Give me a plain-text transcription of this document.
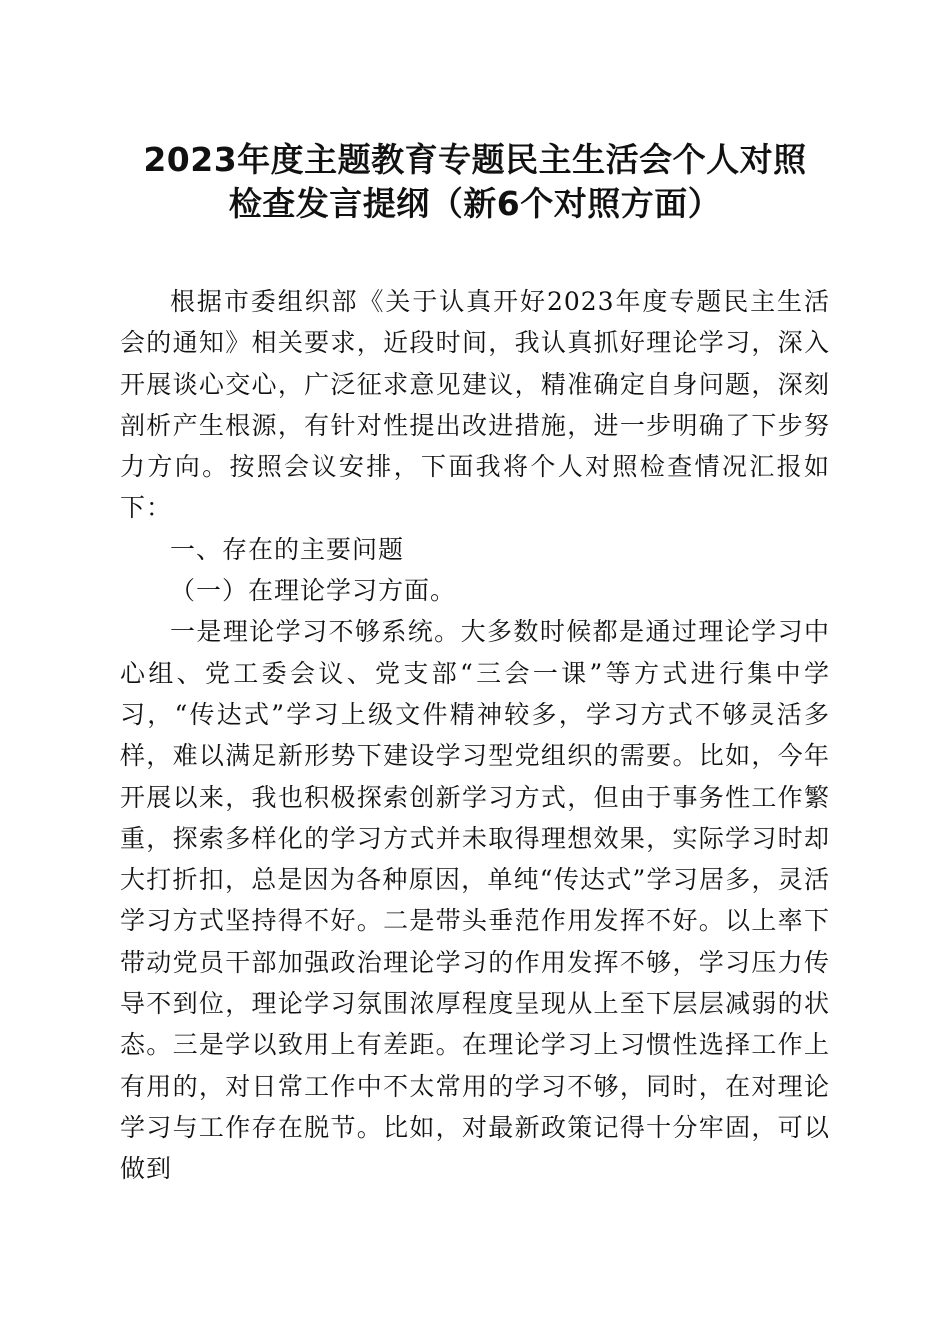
2023年度主题教育专题民主生活会个人对照
检查发言提纲（新6个对照方面）

根据市委组织部《关于认真开好2023年度专题民主生活会的通知》相关要求，近段时间，我认真抓好理论学习，深入开展谈心交心，广泛征求意见建议，精准确定自身问题，深刻剖析产生根源，有针对性提出改进措施，进一步明确了下步努力方向。按照会议安排，下面我将个人对照检查情况汇报如下：

一、存在的主要问题

（一）在理论学习方面。

一是理论学习不够系统。大多数时候都是通过理论学习中心组、党工委会议、党支部“三会一课”等方式进行集中学习，“传达式”学习上级文件精神较多，学习方式不够灵活多样，难以满足新形势下建设学习型党组织的需要。比如，今年开展以来，我也积极探索创新学习方式，但由于事务性工作繁重，探索多样化的学习方式并未取得理想效果，实际学习时却大打折扣，总是因为各种原因，单纯“传达式”学习居多，灵活学习方式坚持得不好。二是带头垂范作用发挥不好。以上率下带动党员干部加强政治理论学习的作用发挥不够，学习压力传导不到位，理论学习氛围浓厚程度呈现从上至下层层减弱的状态。三是学以致用上有差距。在理论学习上习惯性选择工作上有用的，对日常工作中不太常用的学习不够，同时，在对理论学习与工作存在脱节。比如，对最新政策记得十分牢固，可以做到
